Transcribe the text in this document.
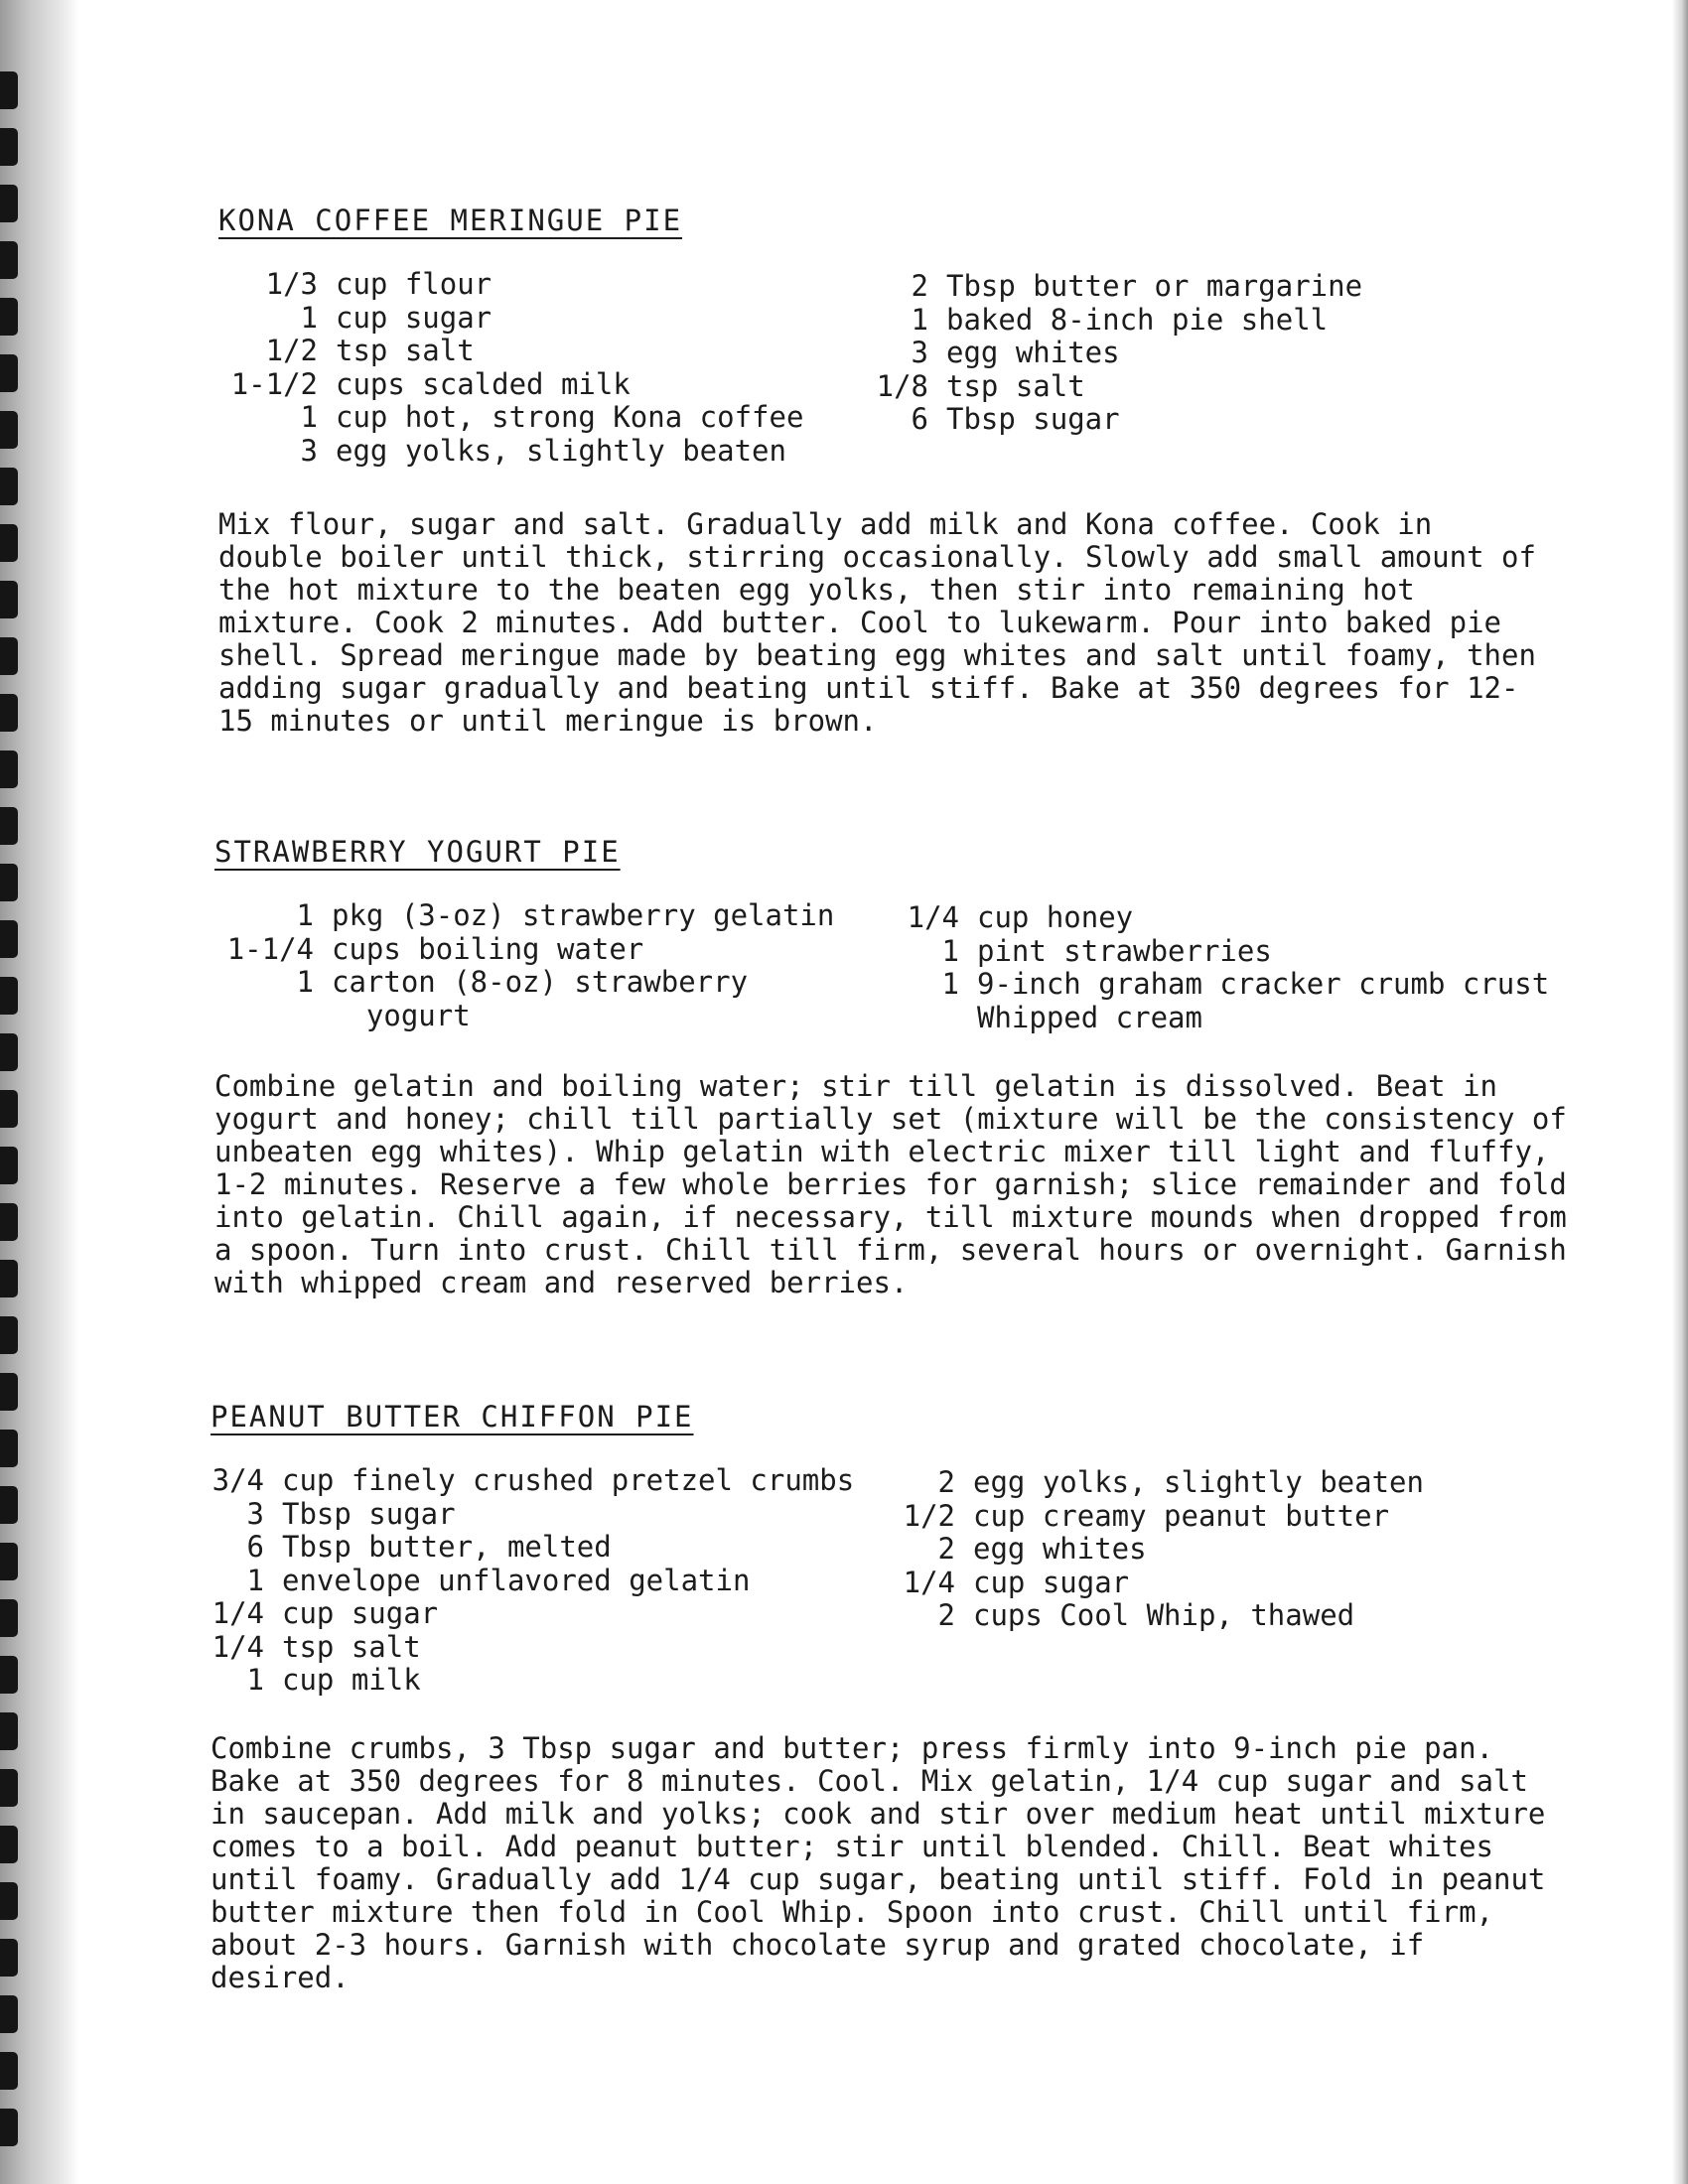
KONA COFFEE MERINGUE PIE
1/3 cup flour
1 cup sugar
1/2 tsp salt
1-1/2 cups scalded milk
1 cup hot, strong Kona coffee
3 egg yolks, slightly beaten
2 Tbsp butter or margarine
1 baked 8-inch pie shell
3 egg whites
1/8 tsp salt
6 Tbsp sugar

Mix flour, sugar and salt. Gradually add milk and Kona coffee. Cook in double boiler until thick, stirring occasionally. Slowly add small amount of the hot mixture to the beaten egg yolks, then stir into remaining hot mixture. Cook 2 minutes. Add butter. Cool to lukewarm. Pour into baked pie shell. Spread meringue made by beating egg whites and salt until foamy, then adding sugar gradually and beating until stiff. Bake at 350 degrees for 12-15 minutes or until meringue is brown.

STRAWBERRY YOGURT PIE
1 pkg (3-oz) strawberry gelatin
1-1/4 cups boiling water
1 carton (8-oz) strawberry
yogurt
1/4 cup honey
1 pint strawberries
1 9-inch graham cracker crumb crust
Whipped cream

Combine gelatin and boiling water; stir till gelatin is dissolved. Beat in yogurt and honey; chill till partially set (mixture will be the consistency of unbeaten egg whites). Whip gelatin with electric mixer till light and fluffy, 1-2 minutes. Reserve a few whole berries for garnish; slice remainder and fold into gelatin. Chill again, if necessary, till mixture mounds when dropped from a spoon. Turn into crust. Chill till firm, several hours or overnight. Garnish with whipped cream and reserved berries.

PEANUT BUTTER CHIFFON PIE
3/4 cup finely crushed pretzel crumbs
3 Tbsp sugar
6 Tbsp butter, melted
1 envelope unflavored gelatin
1/4 cup sugar
1/4 tsp salt
1 cup milk
2 egg yolks, slightly beaten
1/2 cup creamy peanut butter
2 egg whites
1/4 cup sugar
2 cups Cool Whip, thawed

Combine crumbs, 3 Tbsp sugar and butter; press firmly into 9-inch pie pan. Bake at 350 degrees for 8 minutes. Cool. Mix gelatin, 1/4 cup sugar and salt in saucepan. Add milk and yolks; cook and stir over medium heat until mixture comes to a boil. Add peanut butter; stir until blended. Chill. Beat whites until foamy. Gradually add 1/4 cup sugar, beating until stiff. Fold in peanut butter mixture then fold in Cool Whip. Spoon into crust. Chill until firm, about 2-3 hours. Garnish with chocolate syrup and grated chocolate, if desired.
